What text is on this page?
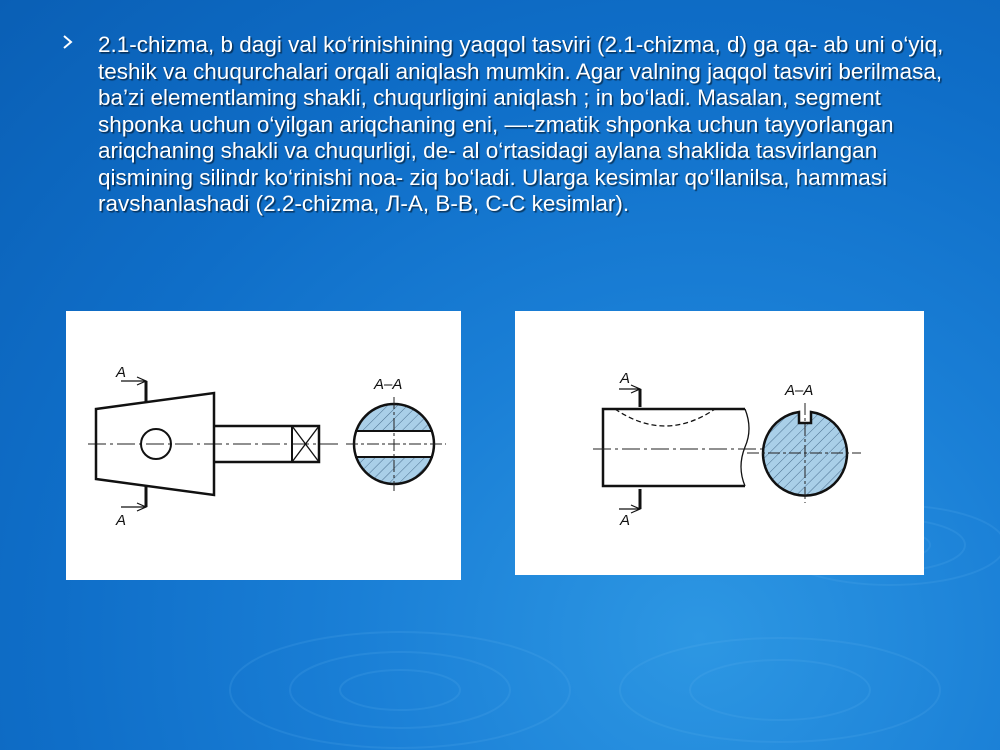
2.1-chizma, b dagi val ko‘rinishining yaqqol tasviri (2.1-chizma, d) ga qa- ab uni o‘yiq, teshik va chuqurchalari orqali aniqlash mumkin. Agar valning jaqqol tasviri berilmasa, ba’zi elementlaming shakli, chuqurligini aniqlash ; in bo‘ladi. Masalan, segment shponka uchun o‘yilgan ariqchaning eni, —-zmatik shponka uchun tayyorlangan ariqchaning shakli va chuqurligi, de- al o‘rtasidagi aylana shaklida tasvirlangan qismining silindr ko‘rinishi noa- ziq bo‘ladi. Ularga kesimlar qo‘llanilsa, hammasi ravshanlashadi (2.2-chizma, Л-A, B-B, C-C kesimlar).

A
A
A–A	A
A
A–A
